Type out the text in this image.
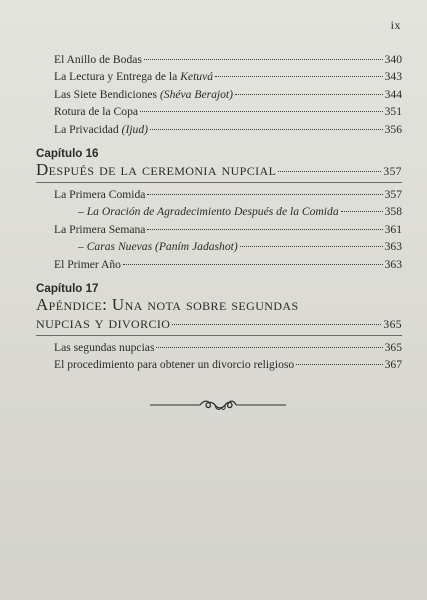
ix
El Anillo de Bodas	340
La Lectura y Entrega de la Ketuvá	343
Las Siete Bendiciones (Shéva Berajot)	344
Rotura de la Copa	351
La Privacidad (Ijud)	356
Capítulo 16
Después de la ceremonia nupcial	357
La Primera Comida	357
– La Oración de Agradecimiento Después de la Comida	358
La Primera Semana	361
– Caras Nuevas (Paním Jadashot)	363
El Primer Año	363
Capítulo 17
Apéndice: Una nota sobre segundas
nupcias y divorcio	365
Las segundas nupcias	365
El procedimiento para obtener un divorcio religioso	367
